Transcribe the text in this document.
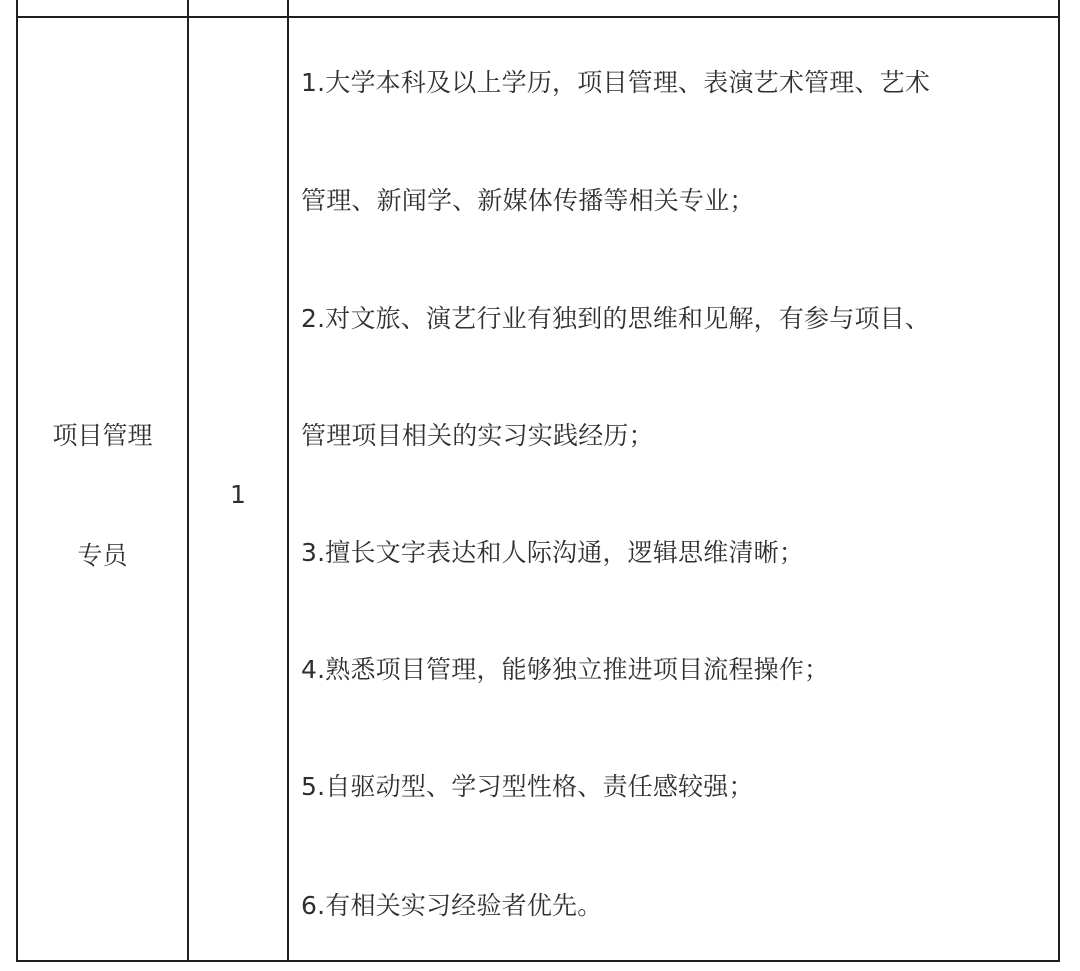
项目管理
专员
1
1.大学本科及以上学历，项目管理、表演艺术管理、艺术
管理、新闻学、新媒体传播等相关专业；
2.对文旅、演艺行业有独到的思维和见解，有参与项目、
管理项目相关的实习实践经历；
3.擅长文字表达和人际沟通，逻辑思维清晰；
4.熟悉项目管理，能够独立推进项目流程操作；
5.自驱动型、学习型性格、责任感较强；
6.有相关实习经验者优先。
